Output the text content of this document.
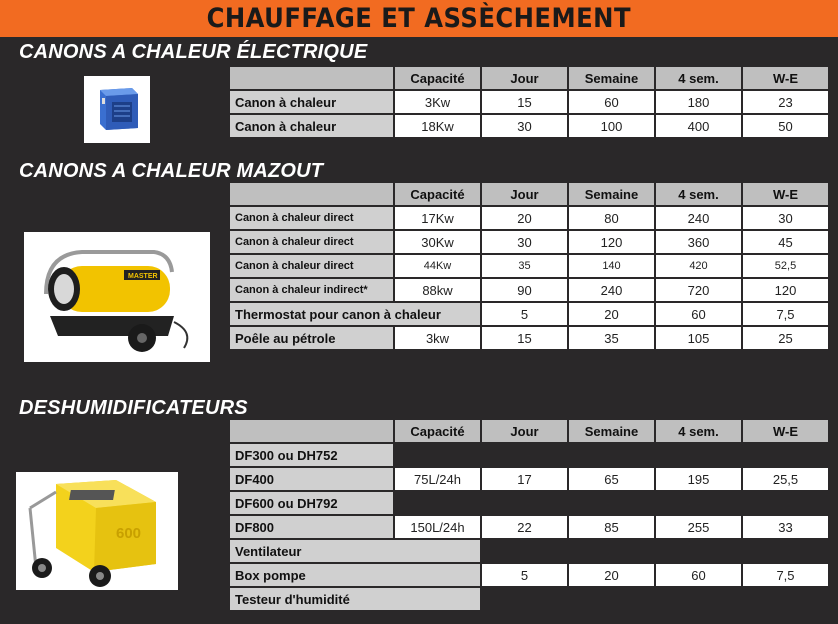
CHAUFFAGE ET ASSÈCHEMENT
CANONS A CHALEUR ÉLECTRIQUE
	Capacité	Jour	Semaine	4 sem.	W-E
Canon à chaleur	3Kw	15	60	180	23
Canon à chaleur	18Kw	30	100	400	50
CANONS A CHALEUR MAZOUT
MASTER
	Capacité	Jour	Semaine	4 sem.	W-E
Canon à chaleur direct	17Kw	20	80	240	30
Canon à chaleur direct	30Kw	30	120	360	45
Canon à chaleur direct	44Kw	35	140	420	52,5
Canon à chaleur indirect*	88kw	90	240	720	120
Thermostat pour canon à chaleur		5	20	60	7,5
Poêle au pétrole	3kw	15	35	105	25
DESHUMIDIFICATEURS
600
	Capacité	Jour	Semaine	4 sem.	W-E
DF300 ou DH752					
DF400	75L/24h	17	65	195	25,5
DF600 ou DH792					
DF800	150L/24h	22	85	255	33
Ventilateur					
Box pompe		5	20	60	7,5
Testeur d'humidité					
